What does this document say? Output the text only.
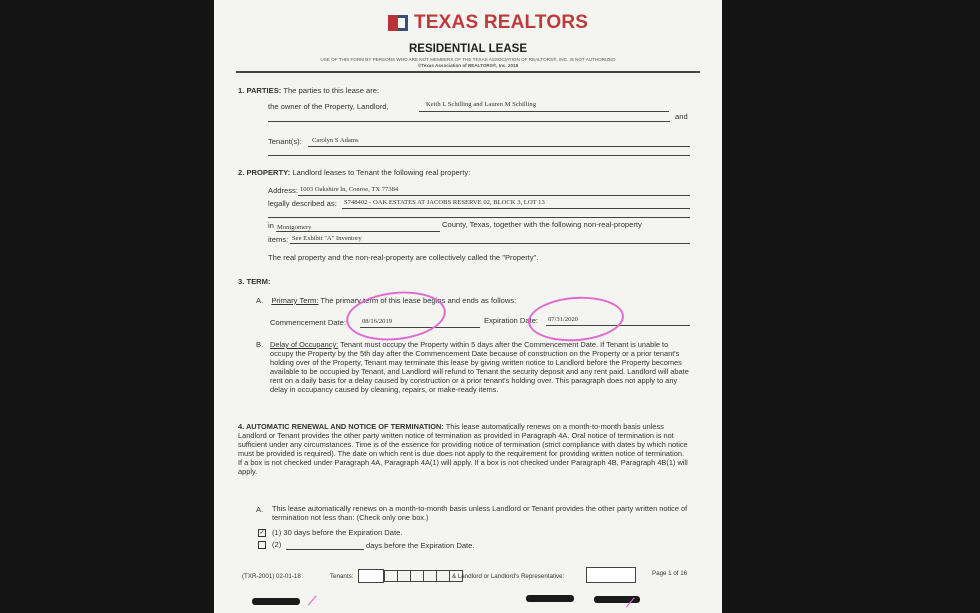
TEXAS REALTORS
RESIDENTIAL LEASE
USE OF THIS FORM BY PERSONS WHO ARE NOT MEMBERS OF THE TEXAS ASSOCIATION OF REALTORS®, INC. IS NOT AUTHORIZED
©Texas Association of REALTORS®, Inc. 2018
1. PARTIES: The parties to this lease are:
the owner of the Property, Landlord,	Keith L Schilling and Lauren M Schilling
and
Tenant(s): Carolyn S Adams
2. PROPERTY: Landlord leases to Tenant the following real property:
Address: 1003 Oakshire ln, Conroe, TX 77384
legally described as: S748402 - OAK ESTATES AT JACOBS RESERVE 02, BLOCK 3, LOT 13
in Montgomery	County, Texas, together with the following non-real-property
items: See Exhibit "A" Inventory
The real property and the non-real-property are collectively called the "Property".
3. TERM:
A. Primary Term: The primary term of this lease begins and ends as follows:
Commencement Date: 08/16/2019	Expiration Date: 07/31/2020
B. Delay of Occupancy: Tenant must occupy the Property within 5 days after the Commencement Date. If Tenant is unable to occupy the Property by the 5th day after the Commencement Date because of construction on the Property or a prior tenant's holding over of the Property, Tenant may terminate this lease by giving written notice to Landlord before the Property becomes available to be occupied by Tenant, and Landlord will refund to Tenant the security deposit and any rent paid. Landlord will abate rent on a daily basis for a delay caused by construction or a prior tenant's holding over. This paragraph does not apply to any delay in occupancy caused by cleaning, repairs, or make-ready items.
4. AUTOMATIC RENEWAL AND NOTICE OF TERMINATION: This lease automatically renews on a month-to-month basis unless Landlord or Tenant provides the other party written notice of termination as provided in Paragraph 4A. Oral notice of termination is not sufficient under any circumstances. Time is of the essence for providing notice of termination (strict compliance with dates by which notice must be provided is required). The date on which rent is due does not apply to the requirement for providing written notice of termination. If a box is not checked under Paragraph 4A, Paragraph 4A(1) will apply. If a box is not checked under Paragraph 4B, Paragraph 4B(1) will apply.
A. This lease automatically renews on a month-to-month basis unless Landlord or Tenant provides the other party written notice of termination not less than: (Check only one box.)
✓ (1) 30 days before the Expiration Date.
(2)	days before the Expiration Date.
(TXR-2001) 02-01-18	Tenants:	& Landlord or Landlord's Representative:	Page 1 of 16
⟋	⟋
